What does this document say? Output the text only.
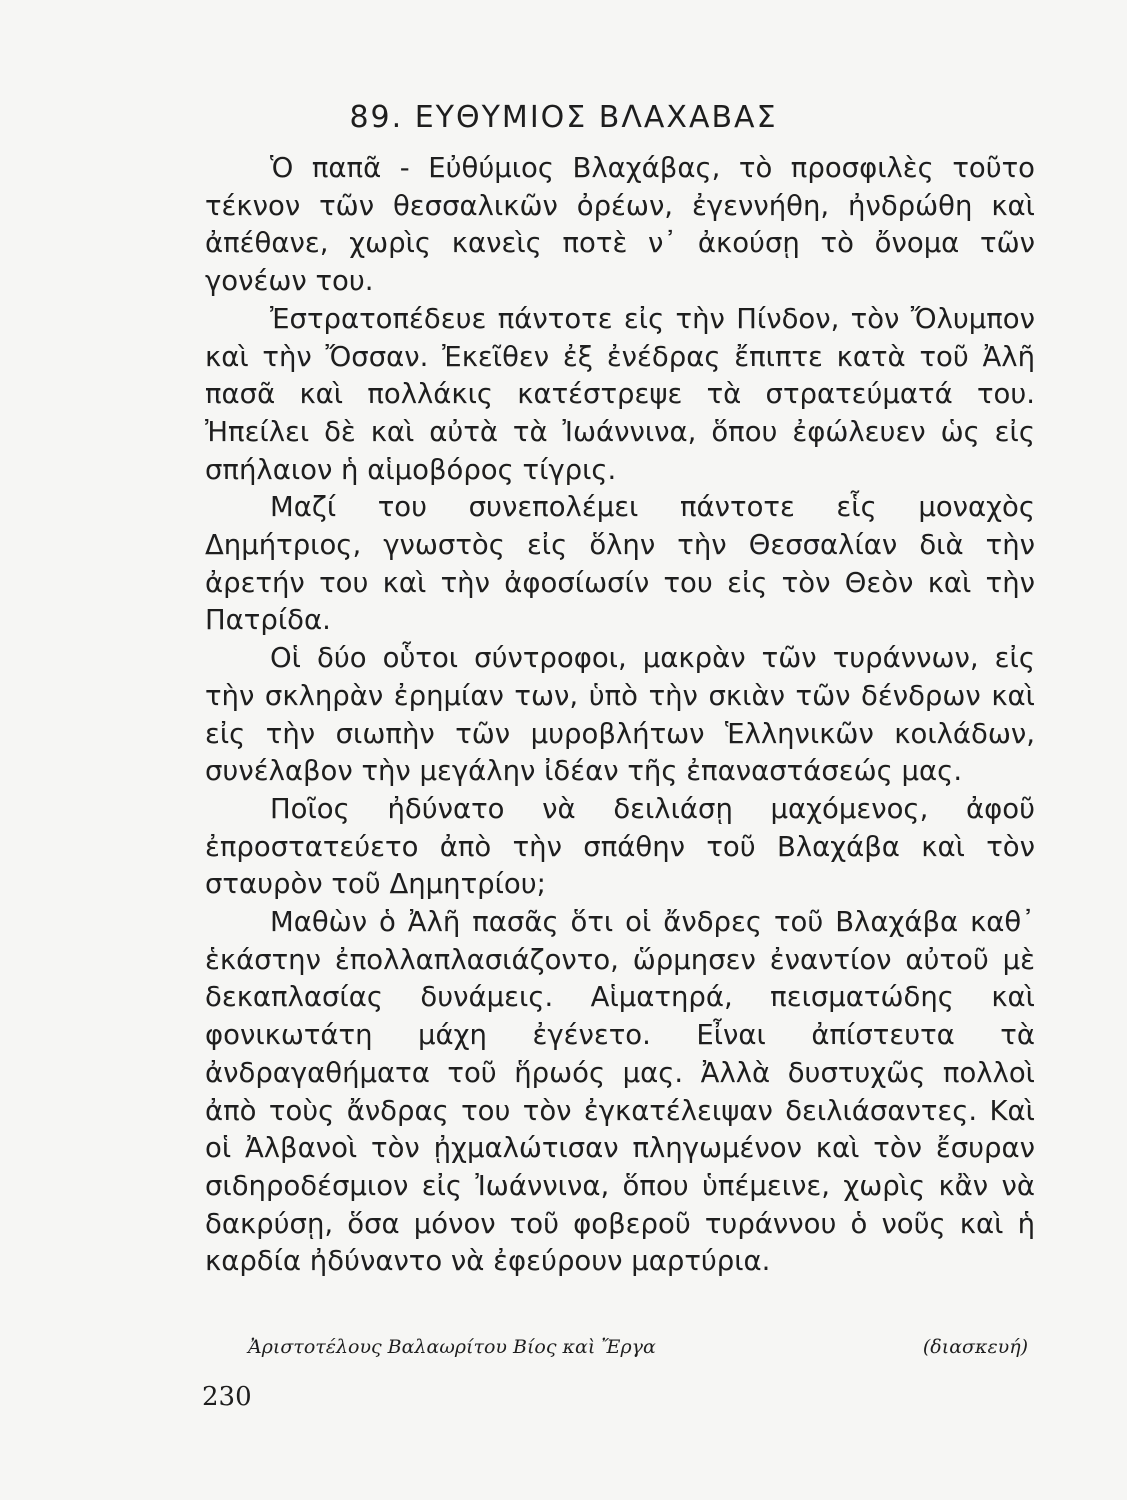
89. ΕΥΘΥΜΙΟΣ ΒΛΑΧΑΒΑΣ

Ὁ παπᾶ - Εὐθύμιος Βλαχάβας, τὸ προσφιλὲς τοῦτο τέκνον τῶν θεσσαλικῶν ὀρέων, ἐγεννήθη, ἠνδρώθη καὶ ἀπέθανε, χωρὶς κανεὶς ποτὲ ν᾽ ἀκούσῃ τὸ ὄνομα τῶν γονέων του.

Ἐστρατοπέδευε πάντοτε εἰς τὴν Πίνδον, τὸν Ὄλυμπον καὶ τὴν Ὄσσαν. Ἐκεῖθεν ἐξ ἐνέδρας ἔπιπτε κατὰ τοῦ Ἀλῆ πασᾶ καὶ πολλάκις κατέστρεψε τὰ στρατεύματά του. Ἠπείλει δὲ καὶ αὐτὰ τὰ Ἰωάννινα, ὅπου ἐφώλευεν ὡς εἰς σπήλαιον ἡ αἱμοβόρος τίγρις.

Μαζί του συνεπολέμει πάντοτε εἷς μοναχὸς Δημήτριος, γνωστὸς εἰς ὅλην τὴν Θεσσαλίαν διὰ τὴν ἀρετήν του καὶ τὴν ἀφοσίωσίν του εἰς τὸν Θεὸν καὶ τὴν Πατρίδα.

Οἱ δύο οὗτοι σύντροφοι, μακρὰν τῶν τυράννων, εἰς τὴν σκληρὰν ἐρημίαν των, ὑπὸ τὴν σκιὰν τῶν δένδρων καὶ εἰς τὴν σιωπὴν τῶν μυροβλήτων Ἑλληνικῶν κοιλάδων, συνέλαβον τὴν μεγάλην ἰδέαν τῆς ἐπαναστάσεώς μας.

Ποῖος ἠδύνατο νὰ δειλιάσῃ μαχόμενος, ἀφοῦ ἐπροστατεύετο ἀπὸ τὴν σπάθην τοῦ Βλαχάβα καὶ τὸν σταυρὸν τοῦ Δημητρίου;

Μαθὼν ὁ Ἀλῆ πασᾶς ὅτι οἱ ἄνδρες τοῦ Βλαχάβα καθ᾽ ἑκάστην ἐπολλαπλασιάζοντο, ὥρμησεν ἐναντίον αὐτοῦ μὲ δεκαπλασίας δυνάμεις. Αἱματηρά, πεισματώδης καὶ φονικωτάτη μάχη ἐγένετο. Εἶναι ἀπίστευτα τὰ ἀνδραγαθήματα τοῦ ἥρωός μας. Ἀλλὰ δυστυχῶς πολλοὶ ἀπὸ τοὺς ἄνδρας του τὸν ἐγκατέλειψαν δειλιάσαντες. Καὶ οἱ Ἀλβανοὶ τὸν ᾐχμαλώτισαν πληγωμένον καὶ τὸν ἔσυραν σιδηροδέσμιον εἰς Ἰωάννινα, ὅπου ὑπέμεινε, χωρὶς κἂν νὰ δακρύσῃ, ὅσα μόνον τοῦ φοβεροῦ τυράννου ὁ νοῦς καὶ ἡ καρδία ἠδύναντο νὰ ἐφεύρουν μαρτύρια.

Ἀριστοτέλους Βαλαωρίτου Βίος καὶ Ἔργα	(διασκευή)
230
